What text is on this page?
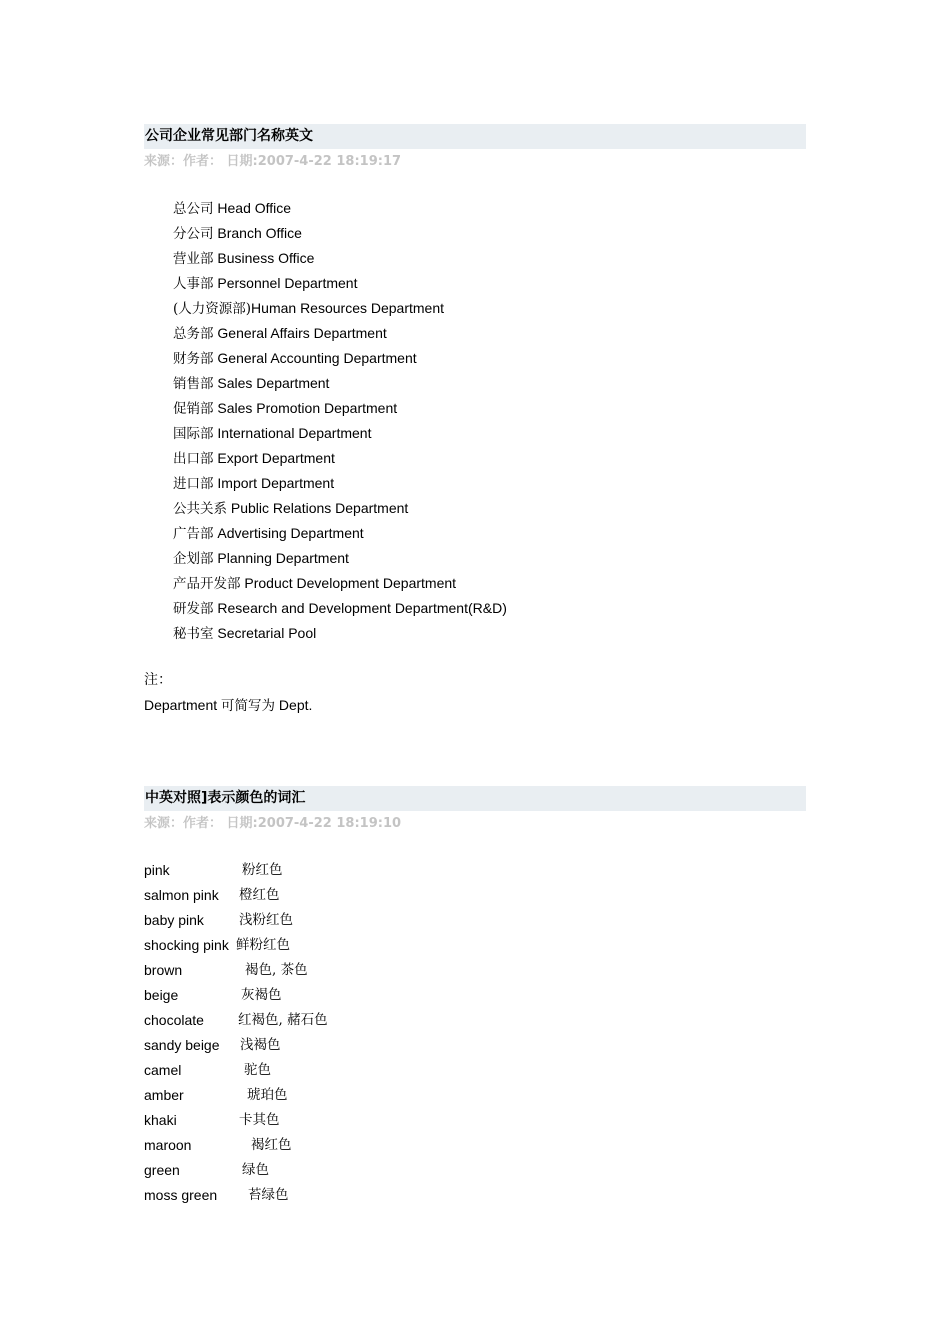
公司企业常见部门名称英文
来源：作者： 日期:2007-4-22 18:19:17
总公司 Head Office
分公司 Branch Office
营业部 Business Office
人事部 Personnel Department
(人力资源部)Human Resources Department
总务部 General Affairs Department
财务部 General Accounting Department
销售部 Sales Department
促销部 Sales Promotion Department
国际部 International Department
出口部 Export Department
进口部 Import Department
公共关系 Public Relations Department
广告部 Advertising Department
企划部 Planning Department
产品开发部 Product Development Department
研发部 Research and Development Department(R&D)
秘书室 Secretarial Pool
注：
Department 可简写为 Dept.
中英对照]表示颜色的词汇
来源：作者： 日期:2007-4-22 18:19:10
pink	粉红色
salmon pink 橙红色
baby pink	浅粉红色
shocking pink 鲜粉红色
brown	褐色, 茶色
beige	灰褐色
chocolate	红褐色, 赭石色
sandy beige 浅褐色
camel	驼色
amber	琥珀色
khaki	卡其色
maroon	褐红色
green	绿色
moss green 苔绿色
